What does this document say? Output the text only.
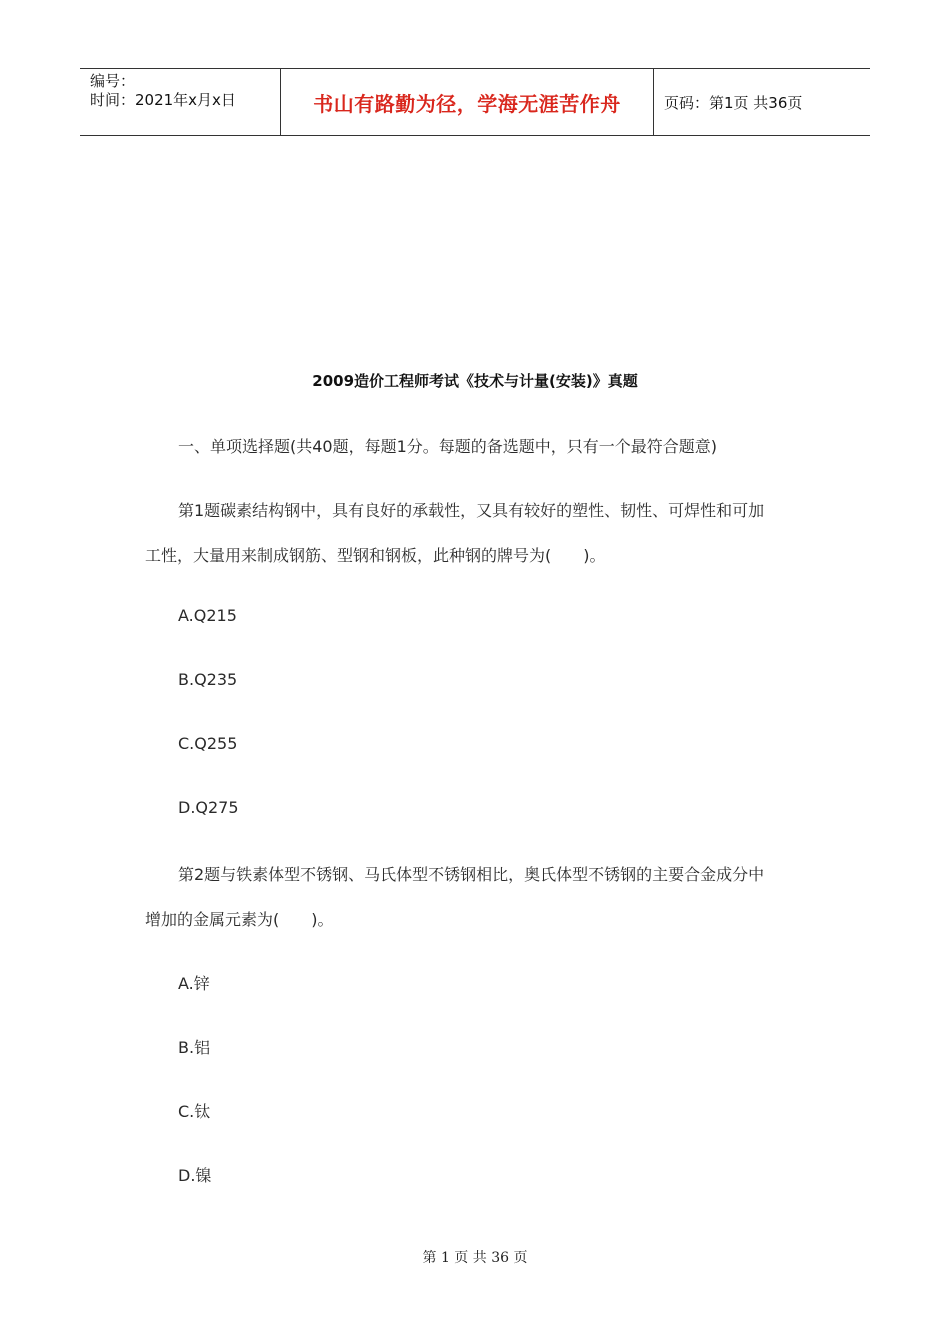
编号：
时间：2021年x月x日	书山有路勤为径，学海无涯苦作舟	页码：第1页 共36页
2009造价工程师考试《技术与计量(安装)》真题
一、单项选择题(共40题，每题1分。每题的备选题中，只有一个最符合题意)
第1题碳素结构钢中，具有良好的承载性，又具有较好的塑性、韧性、可焊性和可加
工性，大量用来制成钢筋、型钢和钢板，此种钢的牌号为(　　)。
A.Q215
B.Q235
C.Q255
D.Q275
第2题与铁素体型不锈钢、马氏体型不锈钢相比，奥氏体型不锈钢的主要合金成分中
增加的金属元素为(　　)。
A.锌
B.铝
C.钛
D.镍
第 1 页 共 36 页
